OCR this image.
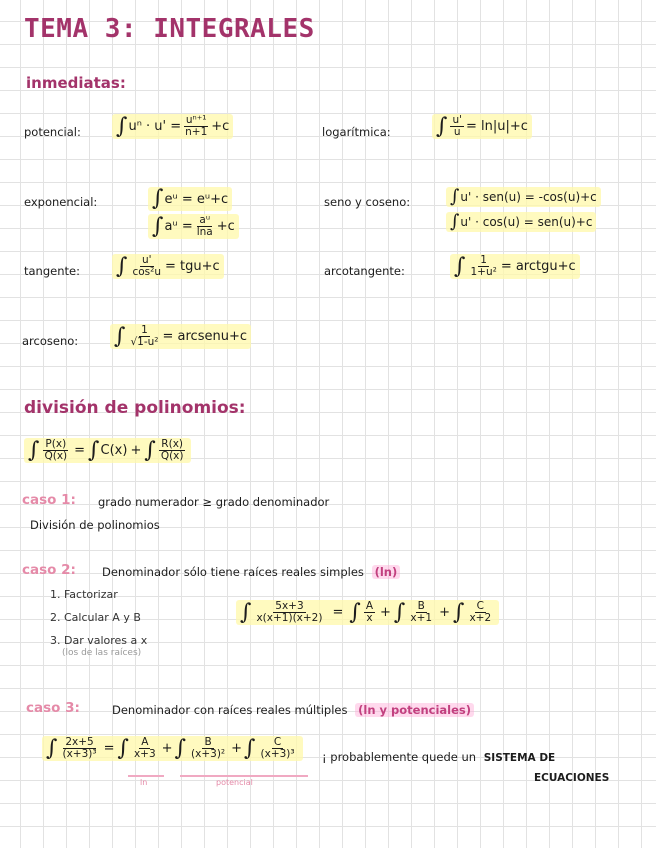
TEMA 3: INTEGRALES
inmediatas:
potencial: ∫ $u^n \cdot u' = \frac{\text{uⁿ⁺¹}}{n+1} +c$	logarítmica: ∫ $\frac{u'}{u} = \ln|u|+c$
exponencial: ∫ eᵘ = eᵘ+c
∫ aᵘ = $\frac{\text{aᵘ}}{\ln a} +c$
seno y coseno: ∫ u' · sen(u) = -cos(u)+c
∫ u' · cos(u) = sen(u)+c
tangente: ∫ $\frac{u'}{\text{cos²u}} = tgu+c$	arcotangente: ∫ $\frac{1}{\text{1+u²}}$ = arctgu+c
arcoseno: ∫ $\frac{1}{\text{√1-u²}}$ = arcsenu+c
división de polinomios:
∫ $\frac{P(x)}{Q(x)}$ = ∫ C(x) + ∫ $\frac{R(x)}{Q(x)}$
caso 1: grado numerador ≥ grado denominador
División de polinomios
caso 2: Denominador sólo tiene raíces reales simples (ln)
1. Factorizar
2. Calcular A y B
3. Dar valores a x
(los de las raíces)
∫ $\frac{5x+3}{x(x+1)(x+2)}$ = ∫ $\frac{A}{x}$ + ∫ $\frac{B}{x+1}$ + ∫ $\frac{C}{x+2}$
caso 3:	Denominador con raíces reales múltiples (ln y potenciales)
∫ $\frac{2x+5}{\text{(x+3)³}}$ = ∫ $\frac{A}{x+3}$ + ∫ $\frac{B}{\text{(x+3)²}}$ + ∫ $\frac{C}{\text{(x+3)³}}$
ln	potencial
¡ probablemente quede un SISTEMA DE
ECUACIONES
